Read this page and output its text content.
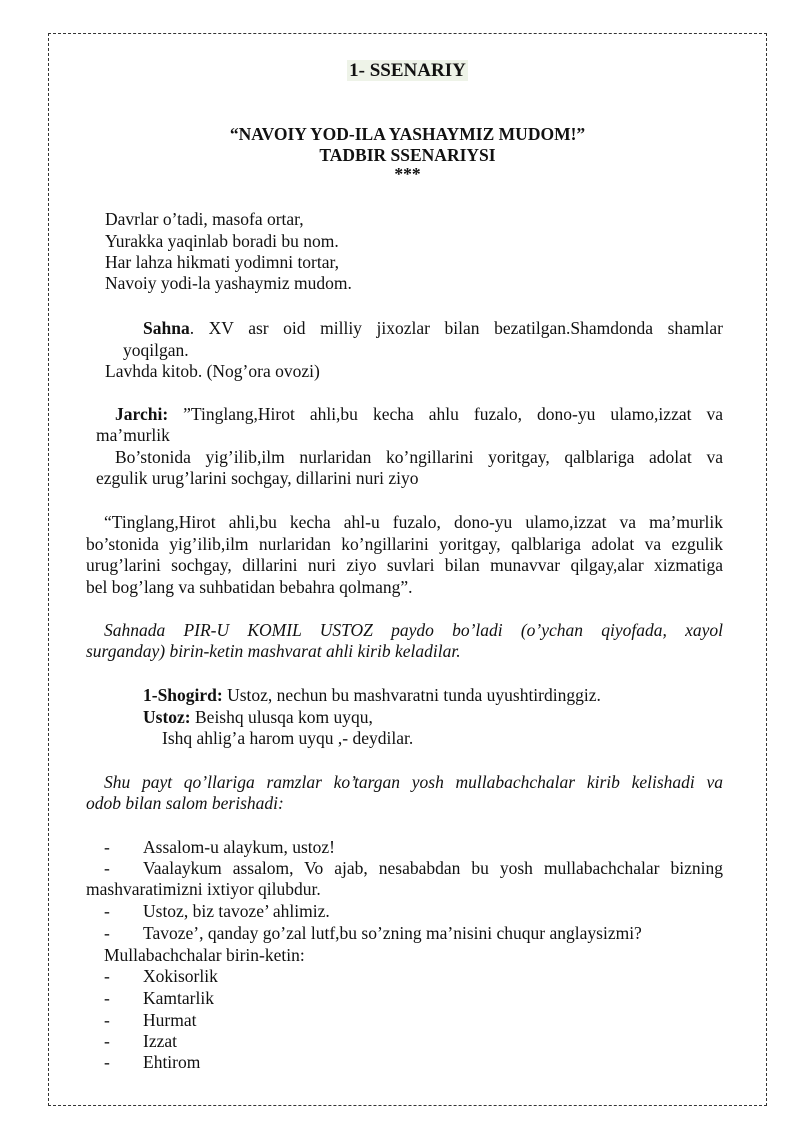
1- SSENARIY
“NAVOIY YOD-ILA YASHAYMIZ MUDOM!”
TADBIR SSENARIYSI
***
Davrlar o’tadi, masofa ortar,
Yurakka yaqinlab boradi bu nom.
Har lahza hikmati yodimni tortar,
Navoiy yodi-la yashaymiz mudom.
Sahna. XV asr oid milliy jixozlar bilan bezatilgan.Shamdonda shamlar
yoqilgan.
Lavhda kitob. (Nog’ora ovozi)
Jarchi: ”Tinglang,Hirot ahli,bu kecha ahlu fuzalo, dono-yu ulamo,izzat va
ma’murlik
Bo’stonida yig’ilib,ilm nurlaridan ko’ngillarini yoritgay, qalblariga adolat va
ezgulik urug’larini sochgay, dillarini nuri ziyo
“Tinglang,Hirot ahli,bu kecha ahl-u fuzalo, dono-yu ulamo,izzat va ma’murlik
bo’stonida yig’ilib,ilm nurlaridan ko’ngillarini yoritgay, qalblariga adolat va ezgulik
urug’larini sochgay, dillarini nuri ziyo suvlari bilan munavvar qilgay,alar xizmatiga
bel bog’lang va suhbatidan bebahra qolmang”.
Sahnada PIR-U KOMIL USTOZ paydo bo’ladi (o’ychan qiyofada, xayol
surganday) birin-ketin mashvarat ahli kirib keladilar.
1-Shogird: Ustoz, nechun bu mashvaratni tunda uyushtirdinggiz.
Ustoz: Beishq ulusqa kom uyqu,
Ishq ahlig’a harom uyqu ,- deydilar.
Shu payt qo’llariga ramzlar ko’targan yosh mullabachchalar kirib kelishadi va
odob bilan salom berishadi:
- Assalom-u alaykum, ustoz!
- Vaalaykum assalom, Vo ajab, nesababdan bu yosh mullabachchalar bizning
mashvaratimizni ixtiyor qilubdur.
- Ustoz, biz tavoze’ ahlimiz.
- Tavoze’, qanday go’zal lutf,bu so’zning ma’nisini chuqur anglaysizmi?
Mullabachchalar birin-ketin:
- Xokisorlik
- Kamtarlik
- Hurmat
- Izzat
- Ehtirom
